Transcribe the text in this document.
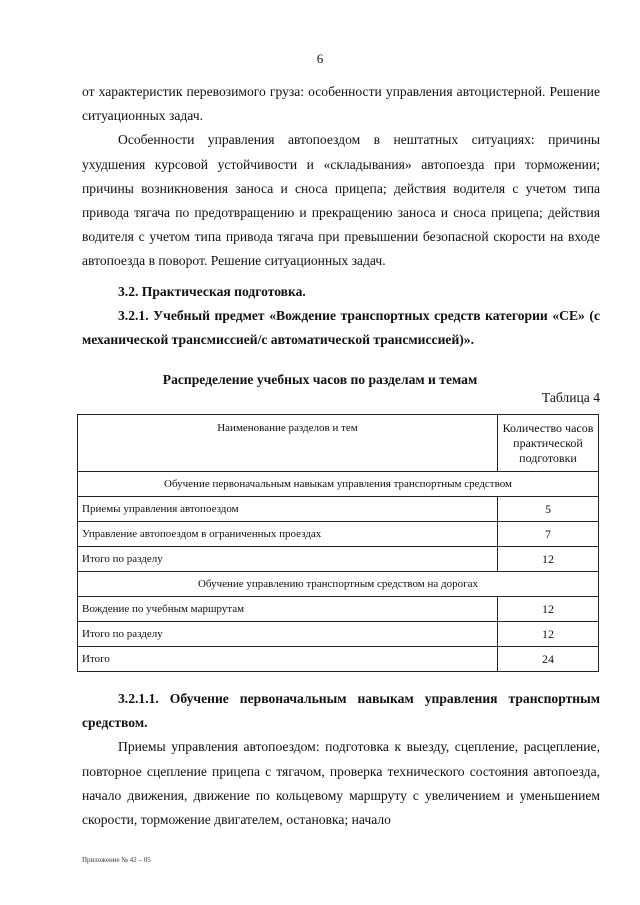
6

от характеристик перевозимого груза: особенности управления автоцистерной. Решение ситуационных задач.

Особенности управления автопоездом в нештатных ситуациях: причины ухудшения курсовой устойчивости и «складывания» автопоезда при торможении; причины возникновения заноса и сноса прицепа; действия водителя с учетом типа привода тягача по предотвращению и прекращению заноса и сноса прицепа; действия водителя с учетом типа привода тягача при превышении безопасной скорости на входе автопоезда в поворот. Решение ситуационных задач.

3.2. Практическая подготовка.

3.2.1. Учебный предмет «Вождение транспортных средств категории «СЕ» (с механической трансмиссией/с автоматической трансмиссией)».

Распределение учебных часов по разделам и темам
Таблица 4
Наименование разделов и тем	Количество часов практической подготовки
Обучение первоначальным навыкам управления транспортным средством	
Приемы управления автопоездом	5
Управление автопоездом в ограниченных проездах	7
Итого по разделу	12
Обучение управлению транспортным средством на дорогах	
Вождение по учебным маршрутам	12
Итого по разделу	12
Итого	24

3.2.1.1. Обучение первоначальным навыкам управления транспортным средством.

Приемы управления автопоездом: подготовка к выезду, сцепление, расцепление, повторное сцепление прицепа с тягачом, проверка технического состояния автопоезда, начало движения, движение по кольцевому маршруту с увеличением и уменьшением скорости, торможение двигателем, остановка; начало

Приложение № 42 – 05
